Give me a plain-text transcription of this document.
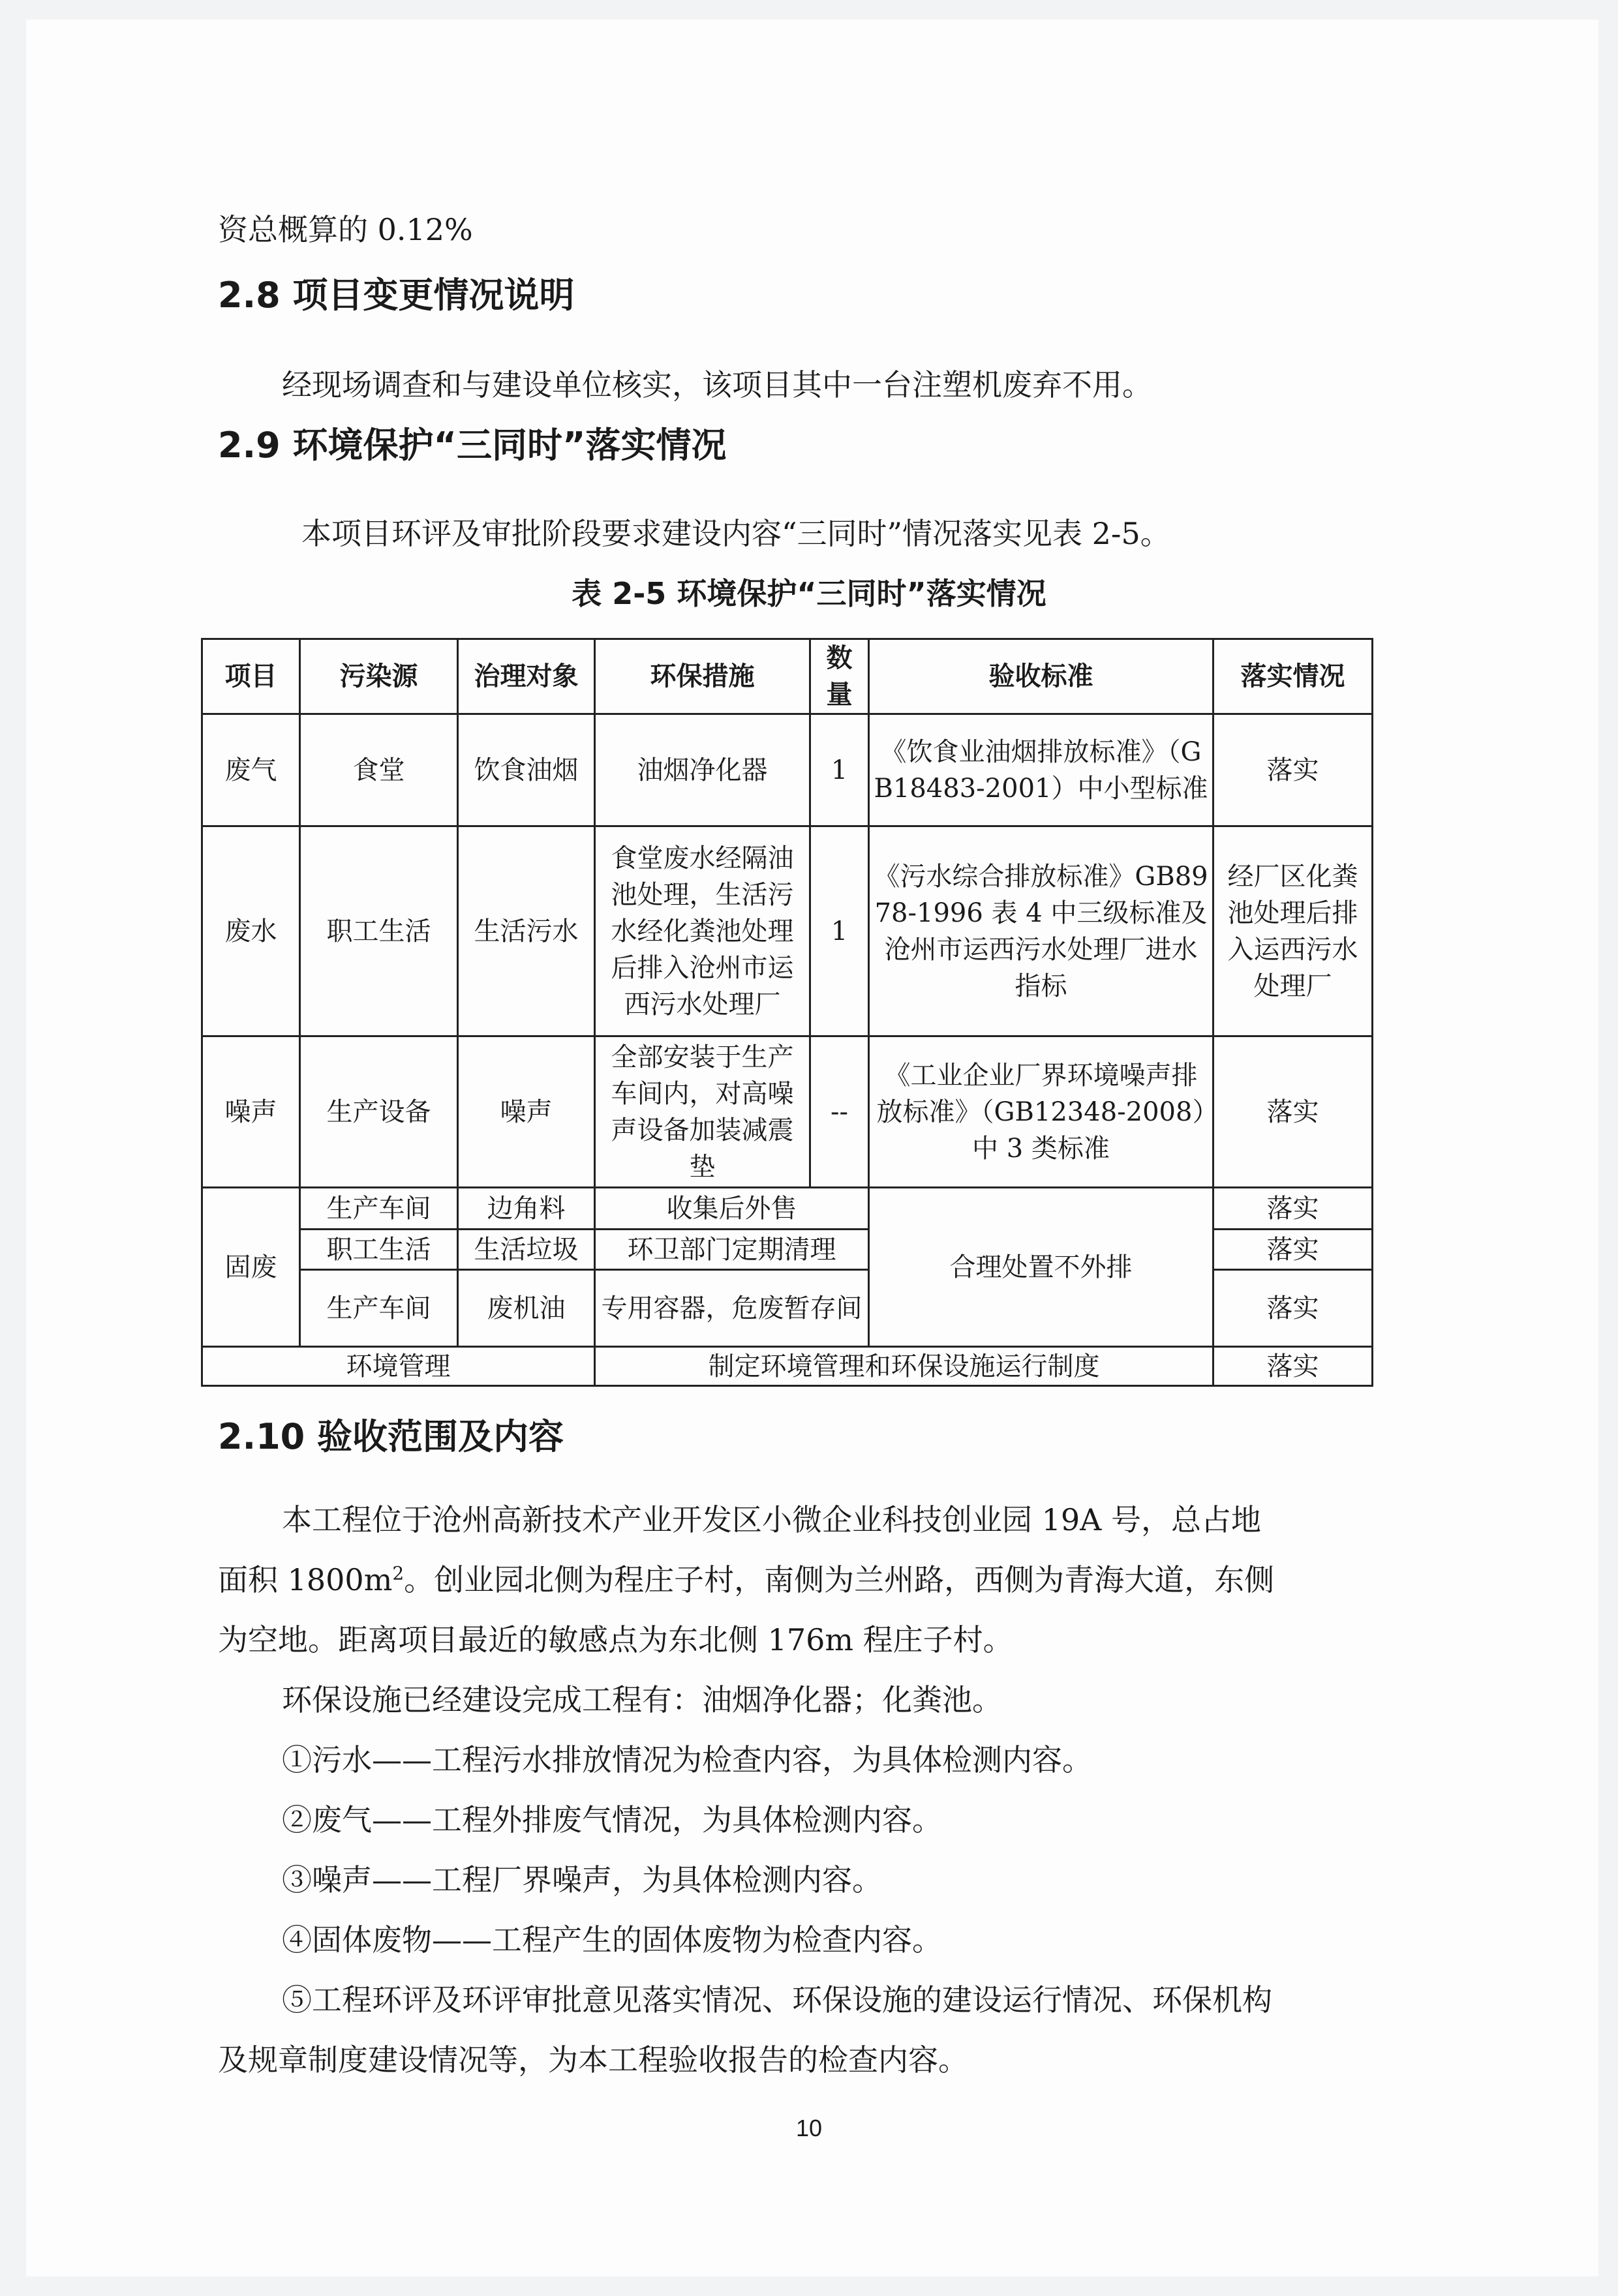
资总概算的 0.12%
2.8 项目变更情况说明
经现场调查和与建设单位核实，该项目其中一台注塑机废弃不用。
2.9 环境保护“三同时”落实情况
本项目环评及审批阶段要求建设内容“三同时”情况落实见表 2-5。
表 2-5 环境保护“三同时”落实情况
项目	污染源	治理对象	环保措施	数量	验收标准	落实情况
废气	食堂	饮食油烟	油烟净化器	1	《饮食业油烟排放标准》（GB18483-2001）中小型标准	落实
废水	职工生活	生活污水	食堂废水经隔油池处理，生活污水经化粪池处理后排入沧州市运西污水处理厂	1	《污水综合排放标准》GB8978-1996 表 4 中三级标准及沧州市运西污水处理厂进水指标	经厂区化粪池处理后排入运西污水处理厂
噪声	生产设备	噪声	全部安装于生产车间内，对高噪声设备加装减震垫	--	《工业企业厂界环境噪声排放标准》（GB12348-2008）中 3 类标准	落实
固废	生产车间	边角料	收集后外售		合理处置不外排	落实
	职工生活	生活垃圾	环卫部门定期清理			落实
	生产车间	废机油	专用容器，危废暂存间			落实
环境管理			制定环境管理和环保设施运行制度			落实
2.10 验收范围及内容
本工程位于沧州高新技术产业开发区小微企业科技创业园 19A 号，总占地
面积 $1800m^2$。创业园北侧为程庄子村，南侧为兰州路，西侧为青海大道，东侧
为空地。距离项目最近的敏感点为东北侧 176m 程庄子村。
环保设施已经建设完成工程有：油烟净化器；化粪池。
①污水——工程污水排放情况为检查内容，为具体检测内容。
②废气——工程外排废气情况，为具体检测内容。
③噪声——工程厂界噪声，为具体检测内容。
④固体废物——工程产生的固体废物为检查内容。
⑤工程环评及环评审批意见落实情况、环保设施的建设运行情况、环保机构
及规章制度建设情况等，为本工程验收报告的检查内容。
10
